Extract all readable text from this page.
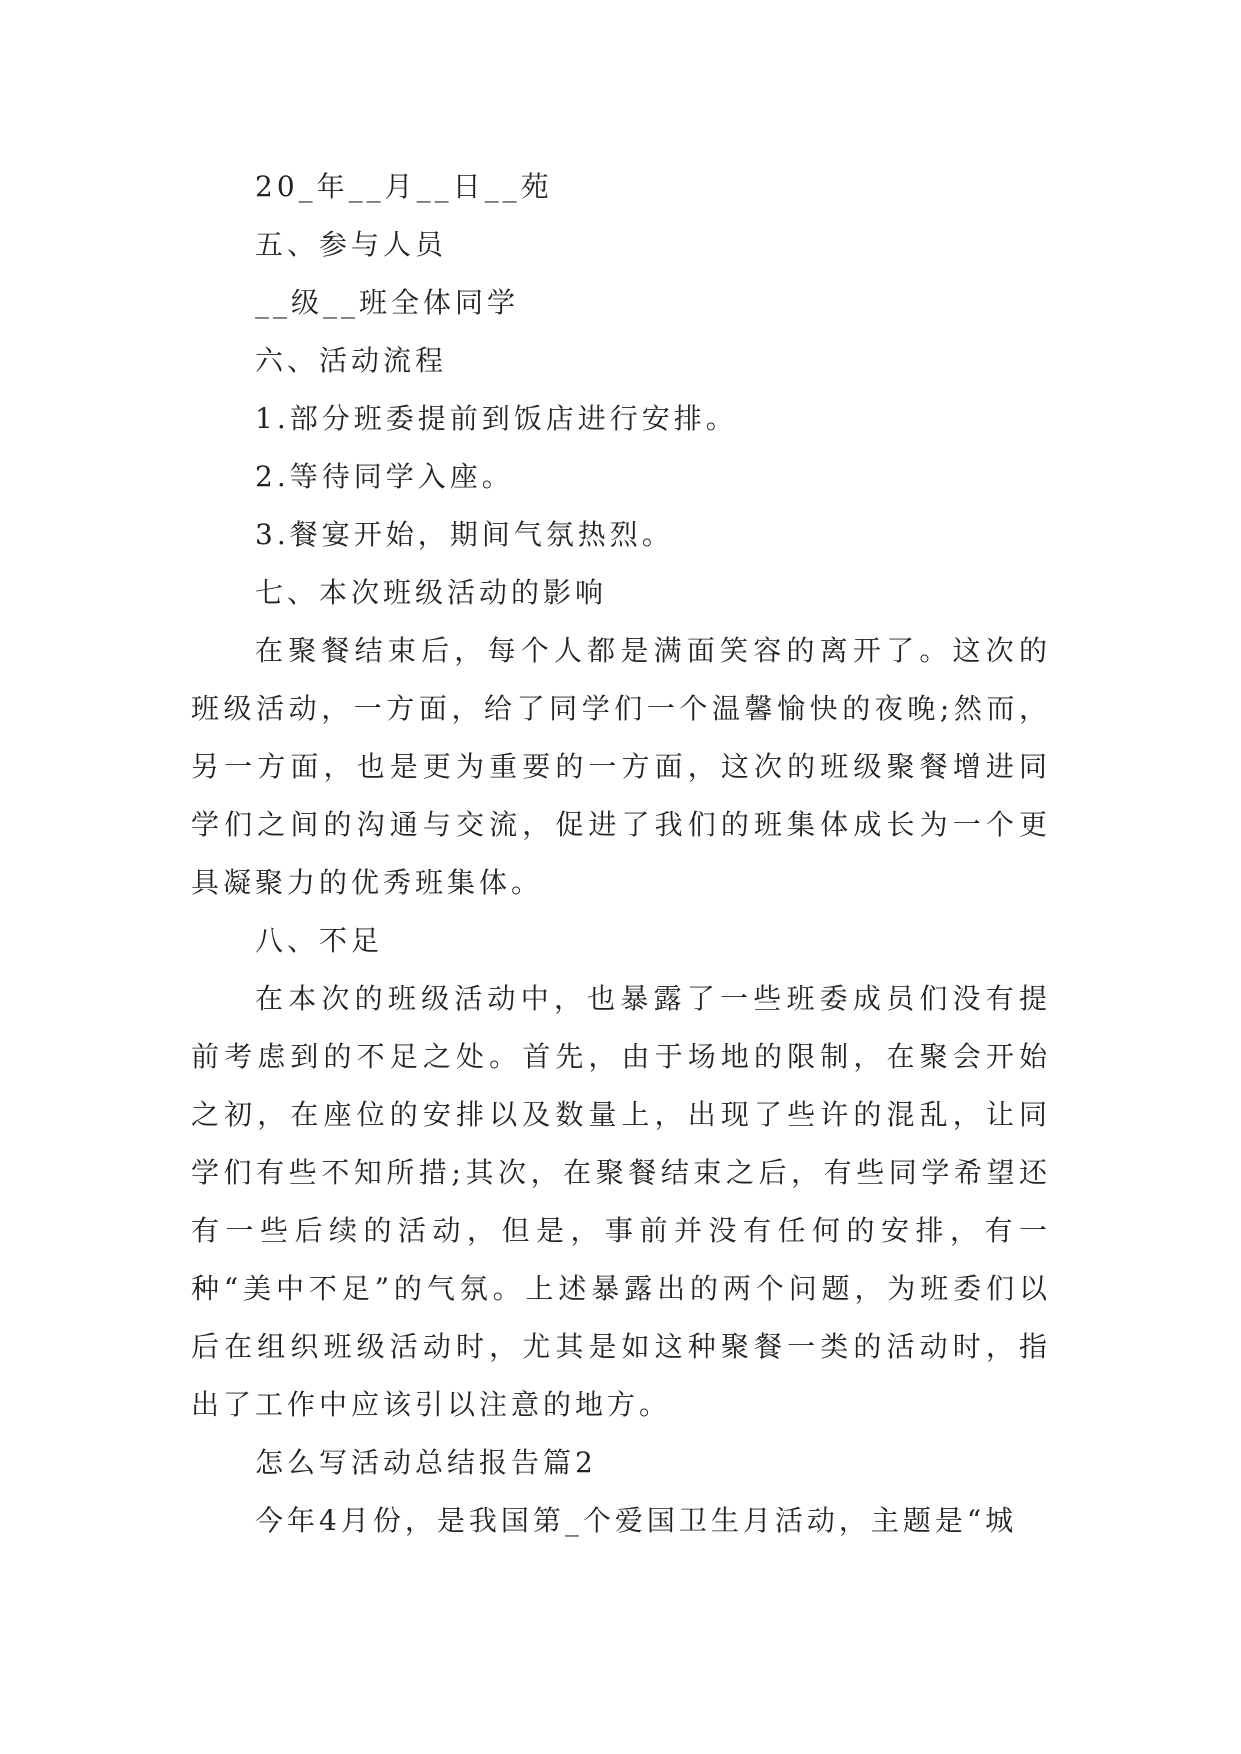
20_年__月__日__苑

五、参与人员

__级__班全体同学

六、活动流程

1.部分班委提前到饭店进行安排。

2.等待同学入座。

3.餐宴开始，期间气氛热烈。

七、本次班级活动的影响

在聚餐结束后，每个人都是满面笑容的离开了。这次的班级活动，一方面，给了同学们一个温馨愉快的夜晚;然而，另一方面，也是更为重要的一方面，这次的班级聚餐增进同学们之间的沟通与交流，促进了我们的班集体成长为一个更具凝聚力的优秀班集体。

八、不足

在本次的班级活动中，也暴露了一些班委成员们没有提前考虑到的不足之处。首先，由于场地的限制，在聚会开始之初，在座位的安排以及数量上，出现了些许的混乱，让同学们有些不知所措;其次，在聚餐结束之后，有些同学希望还有一些后续的活动，但是，事前并没有任何的安排，有一种“美中不足”的气氛。上述暴露出的两个问题，为班委们以后在组织班级活动时，尤其是如这种聚餐一类的活动时，指出了工作中应该引以注意的地方。

怎么写活动总结报告篇2

今年4月份，是我国第_个爱国卫生月活动，主题是“城
